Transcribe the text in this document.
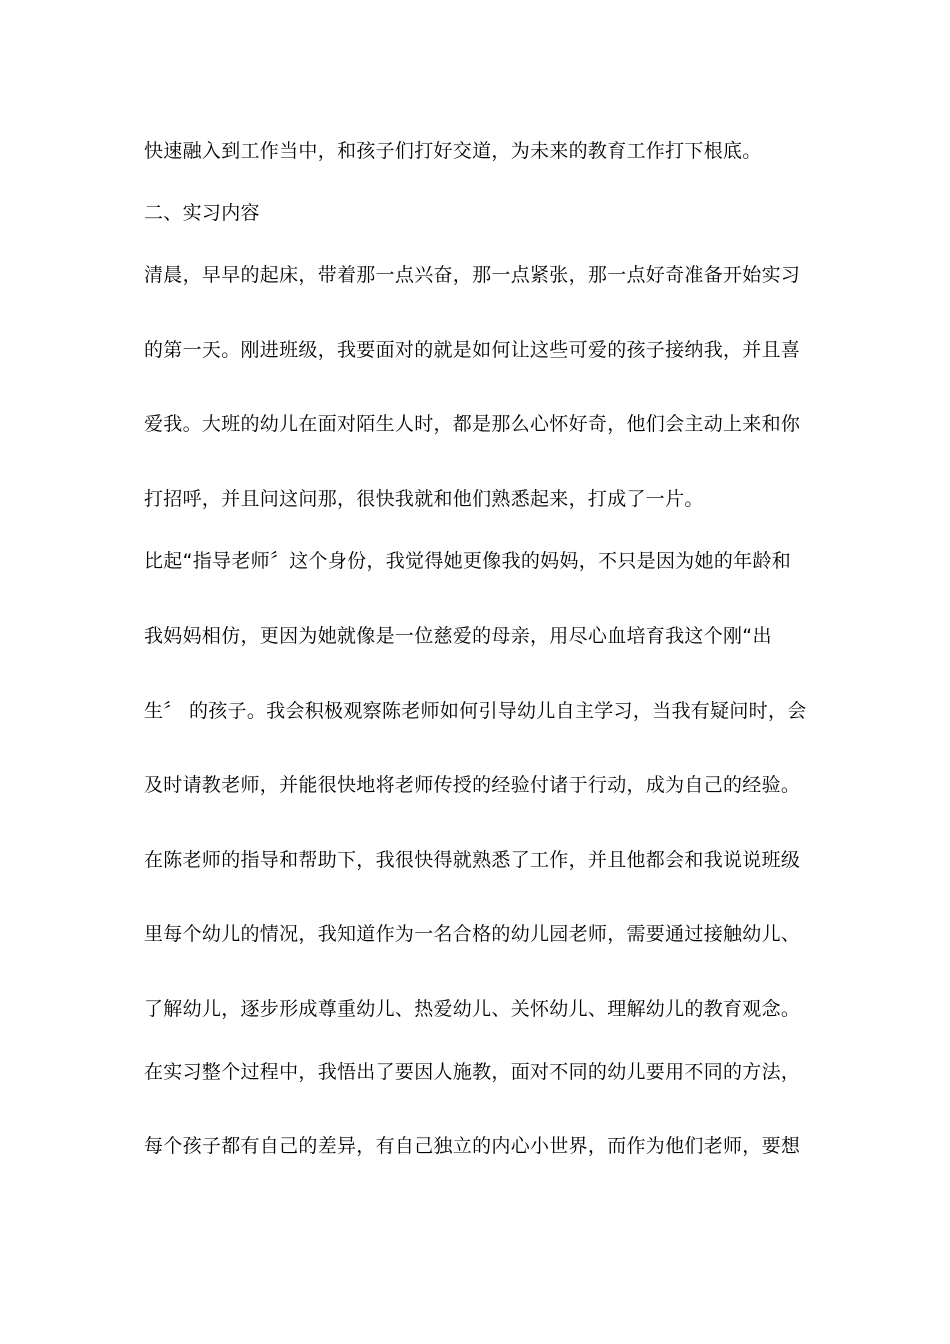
快速融入到工作当中，和孩子们打好交道，为未来的教育工作打下根底。
二、实习内容
清晨，早早的起床，带着那一点兴奋，那一点紧张，那一点好奇准备开始实习
的第一天。刚进班级，我要面对的就是如何让这些可爱的孩子接纳我，并且喜
爱我。大班的幼儿在面对陌生人时，都是那么心怀好奇，他们会主动上来和你
打招呼，并且问这问那，很快我就和他们熟悉起来，打成了一片。
比起“指导老师〞这个身份，我觉得她更像我的妈妈，不只是因为她的年龄和
我妈妈相仿，更因为她就像是一位慈爱的母亲，用尽心血培育我这个刚“出
生〞 的孩子。我会积极观察陈老师如何引导幼儿自主学习，当我有疑问时，会
及时请教老师，并能很快地将老师传授的经验付诸于行动，成为自己的经验。
在陈老师的指导和帮助下，我很快得就熟悉了工作，并且他都会和我说说班级
里每个幼儿的情况，我知道作为一名合格的幼儿园老师，需要通过接触幼儿、
了解幼儿，逐步形成尊重幼儿、热爱幼儿、关怀幼儿、理解幼儿的教育观念。
在实习整个过程中，我悟出了要因人施教，面对不同的幼儿要用不同的方法，
每个孩子都有自己的差异，有自己独立的内心小世界，而作为他们老师，要想
